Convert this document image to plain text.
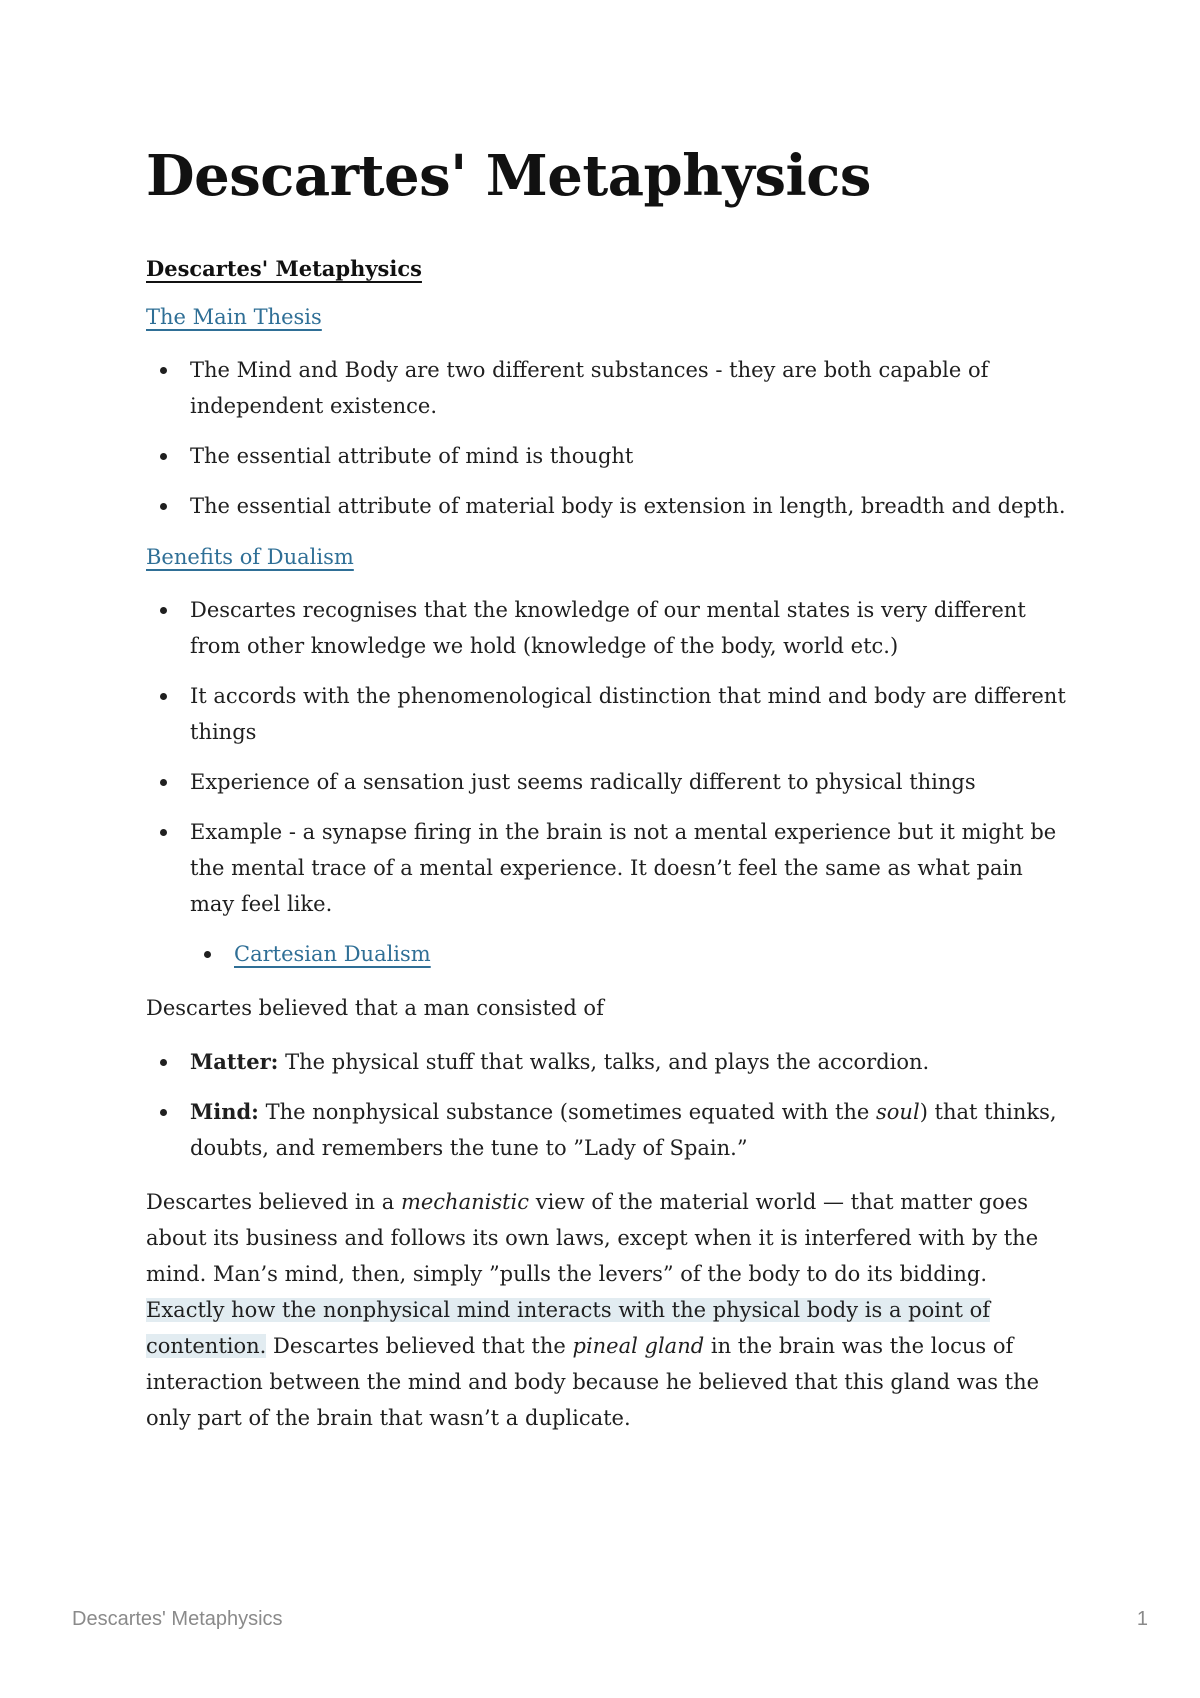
Descartes' Metaphysics
Descartes' Metaphysics
The Main Thesis
The Mind and Body are two different substances - they are both capable of independent existence.
The essential attribute of mind is thought
The essential attribute of material body is extension in length, breadth and depth.
Benefits of Dualism
Descartes recognises that the knowledge of our mental states is very different from other knowledge we hold (knowledge of the body, world etc.)
It accords with the phenomenological distinction that mind and body are different things
Experience of a sensation just seems radically different to physical things
Example - a synapse firing in the brain is not a mental experience but it might be the mental trace of a mental experience. It doesn’t feel the same as what pain may feel like.
Cartesian Dualism

Descartes believed that a man consisted of

Matter: The physical stuff that walks, talks, and plays the accordion.
Mind: The nonphysical substance (sometimes equated with the soul) that thinks, doubts, and remembers the tune to ”Lady of Spain.”

Descartes believed in a mechanistic view of the material world — that matter goes about its business and follows its own laws, except when it is interfered with by the mind. Man’s mind, then, simply ”pulls the levers” of the body to do its bidding. Exactly how the nonphysical mind interacts with the physical body is a point of contention. Descartes believed that the pineal gland in the brain was the locus of interaction between the mind and body because he believed that this gland was the only part of the brain that wasn’t a duplicate.

Descartes' Metaphysics	1
